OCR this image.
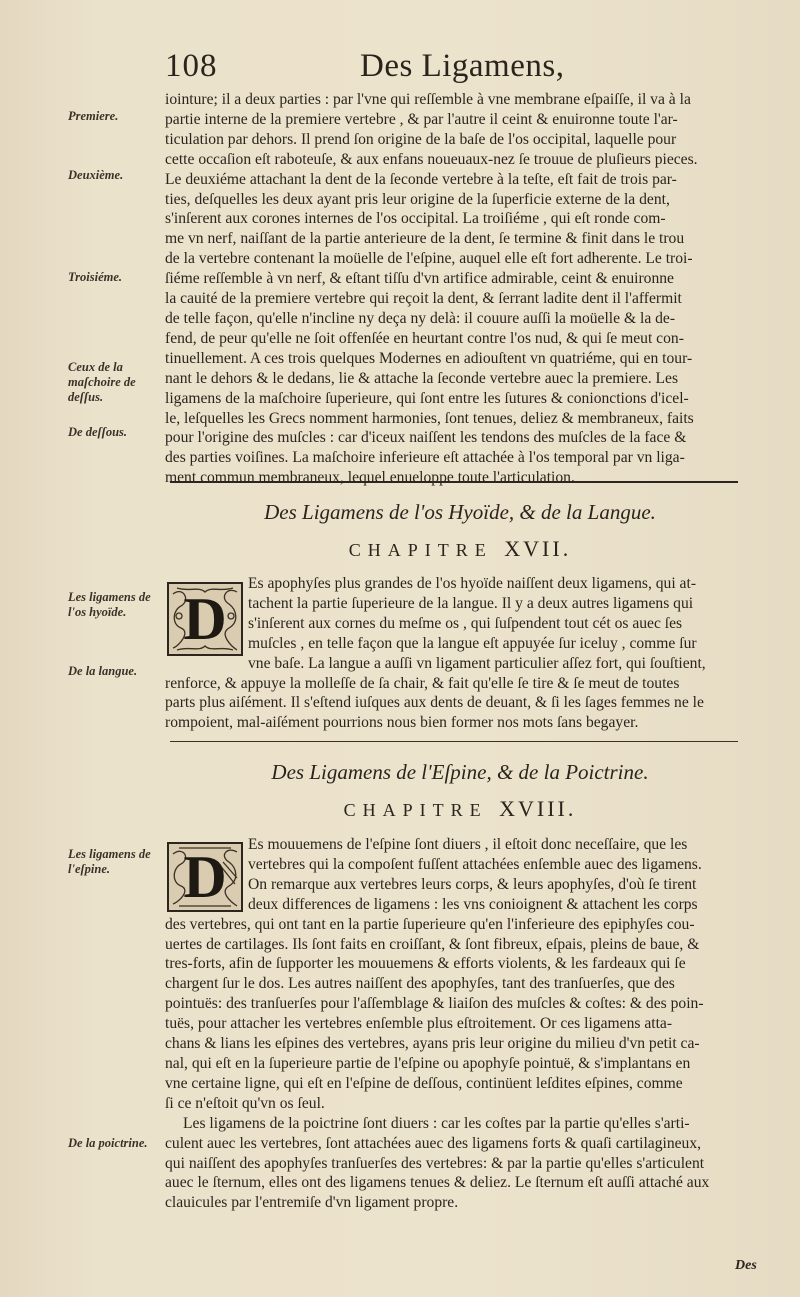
108	Des Ligamens,
Premiere.
Deuxième.
Troisiéme.
Ceux de la maſchoire de deſſus.
De deſſous.
Les ligamens de l'os hyoïde.
De la langue.
Les ligamens de l'eſpine.
De la poictrine.

iointure; il a deux parties : par l'vne qui reſſemble à vne membrane eſpaiſſe, il va à la

partie interne de la premiere vertebre , & par l'autre il ceint & enuironne toute l'ar-

ticulation par dehors. Il prend ſon origine de la baſe de l'os occipital, laquelle pour

cette occaſion eſt raboteuſe, & aux enfans noueuaux-nez ſe trouue de pluſieurs pieces.

Le deuxiéme attachant la dent de la ſeconde vertebre à la teſte, eſt fait de trois par-

ties, deſquelles les deux ayant pris leur origine de la ſuperficie externe de la dent,

s'inſerent aux corones internes de l'os occipital. La troiſiéme , qui eſt ronde com-

me vn nerf, naiſſant de la partie anterieure de la dent, ſe termine & finit dans le trou

de la vertebre contenant la moüelle de l'eſpine, auquel elle eſt fort adherente. Le troi-

ſiéme reſſemble à vn nerf, & eſtant tiſſu d'vn artifice admirable, ceint & enuironne

la cauité de la premiere vertebre qui reçoit la dent, & ſerrant ladite dent il l'affermit

de telle façon, qu'elle n'incline ny deça ny delà: il couure auſſi la moüelle & la de-

fend, de peur qu'elle ne ſoit offenſée en heurtant contre l'os nud, & qui ſe meut con-

tinuellement. A ces trois quelques Modernes en adiouſtent vn quatriéme, qui en tour-

nant le dehors & le dedans, lie & attache la ſeconde vertebre auec la premiere. Les

ligamens de la maſchoire ſuperieure, qui ſont entre les ſutures & conionctions d'icel-

le, leſquelles les Grecs nomment harmonies, ſont tenues, deliez & membraneux, faits

pour l'origine des muſcles : car d'iceux naiſſent les tendons des muſcles de la face &

des parties voiſines. La maſchoire inferieure eſt attachée à l'os temporal par vn liga-

ment commun membraneux, lequel enueloppe toute l'articulation.

Des Ligamens de l'os Hyoïde, & de la Langue.
CHAPITRE XVII.
D

Es apophyſes plus grandes de l'os hyoïde naiſſent deux ligamens, qui at-

tachent la partie ſuperieure de la langue. Il y a deux autres ligamens qui

s'inſerent aux cornes du meſme os , qui ſuſpendent tout cét os auec ſes

muſcles , en telle façon que la langue eſt appuyée ſur iceluy , comme ſur

vne baſe. La langue a auſſi vn ligament particulier aſſez fort, qui ſouſtient,

renforce, & appuye la molleſſe de ſa chair, & fait qu'elle ſe tire & ſe meut de toutes

parts plus aiſément. Il s'eſtend iuſques aux dents de deuant, & ſi les ſages femmes ne le

rompoient, mal-aiſément pourrions nous bien former nos mots ſans begayer.

Des Ligamens de l'Eſpine, & de la Poictrine.
CHAPITRE XVIII.
D	Es mouuemens de l'eſpine ſont diuers , il eſtoit donc neceſſaire, que les

vertebres qui la compoſent fuſſent attachées enſemble auec des ligamens.

On remarque aux vertebres leurs corps, & leurs apophyſes, d'où ſe tirent

deux differences de ligamens : les vns conioignent & attachent les corps

des vertebres, qui ont tant en la partie ſuperieure qu'en l'inferieure des epiphyſes cou-

uertes de cartilages. Ils ſont faits en croiſſant, & ſont fibreux, eſpais, pleins de baue, &

tres-forts, afin de ſupporter les mouuemens & efforts violents, & les fardeaux qui ſe

chargent ſur le dos. Les autres naiſſent des apophyſes, tant des tranſuerſes, que des

pointuës: des tranſuerſes pour l'aſſemblage & liaiſon des muſcles & coſtes: & des poin-

tuës, pour attacher les vertebres enſemble plus eſtroitement. Or ces ligamens atta-

chans & lians les eſpines des vertebres, ayans pris leur origine du milieu d'vn petit ca-

nal, qui eſt en la ſuperieure partie de l'eſpine ou apophyſe pointuë, & s'implantans en

vne certaine ligne, qui eſt en l'eſpine de deſſous, continüent leſdites eſpines, comme

ſi ce n'eſtoit qu'vn os ſeul.

Les ligamens de la poictrine ſont diuers : car les coſtes par la partie qu'elles s'arti-

culent auec les vertebres, ſont attachées auec des ligamens forts & quaſi cartilagineux,

qui naiſſent des apophyſes tranſuerſes des vertebres: & par la partie qu'elles s'articulent

auec le ſternum, elles ont des ligamens tenues & deliez. Le ſternum eſt auſſi attaché aux

clauicules par l'entremiſe d'vn ligament propre.

Des
